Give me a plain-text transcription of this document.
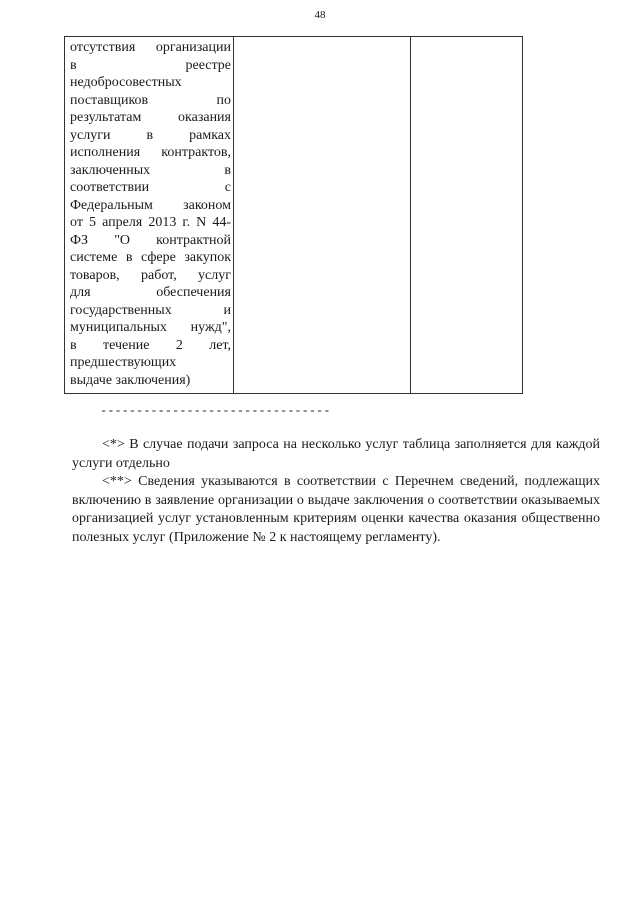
48
отсутствия организации
в реестре
недобросовестных
поставщиков по
результатам оказания
услуги в рамках
исполнения контрактов,
заключенных в
соответствии с
Федеральным законом
от 5 апреля 2013 г. N 44-
ФЗ "О контрактной
системе в сфере закупок
товаров, работ, услуг
для обеспечения
государственных и
муниципальных нужд",
в течение 2 лет,
предшествующих
выдаче заключения)

--------------------------------

<*> В случае подачи запроса на несколько услуг таблица заполняется для каждой услуги отдельно

<**> Сведения указываются в соответствии с Перечнем сведений, подлежащих включению в заявление организации о выдаче заключения о соответствии оказываемых организацией услуг установленным критериям оценки качества оказания общественно полезных услуг (Приложение № 2 к настоящему регламенту).
